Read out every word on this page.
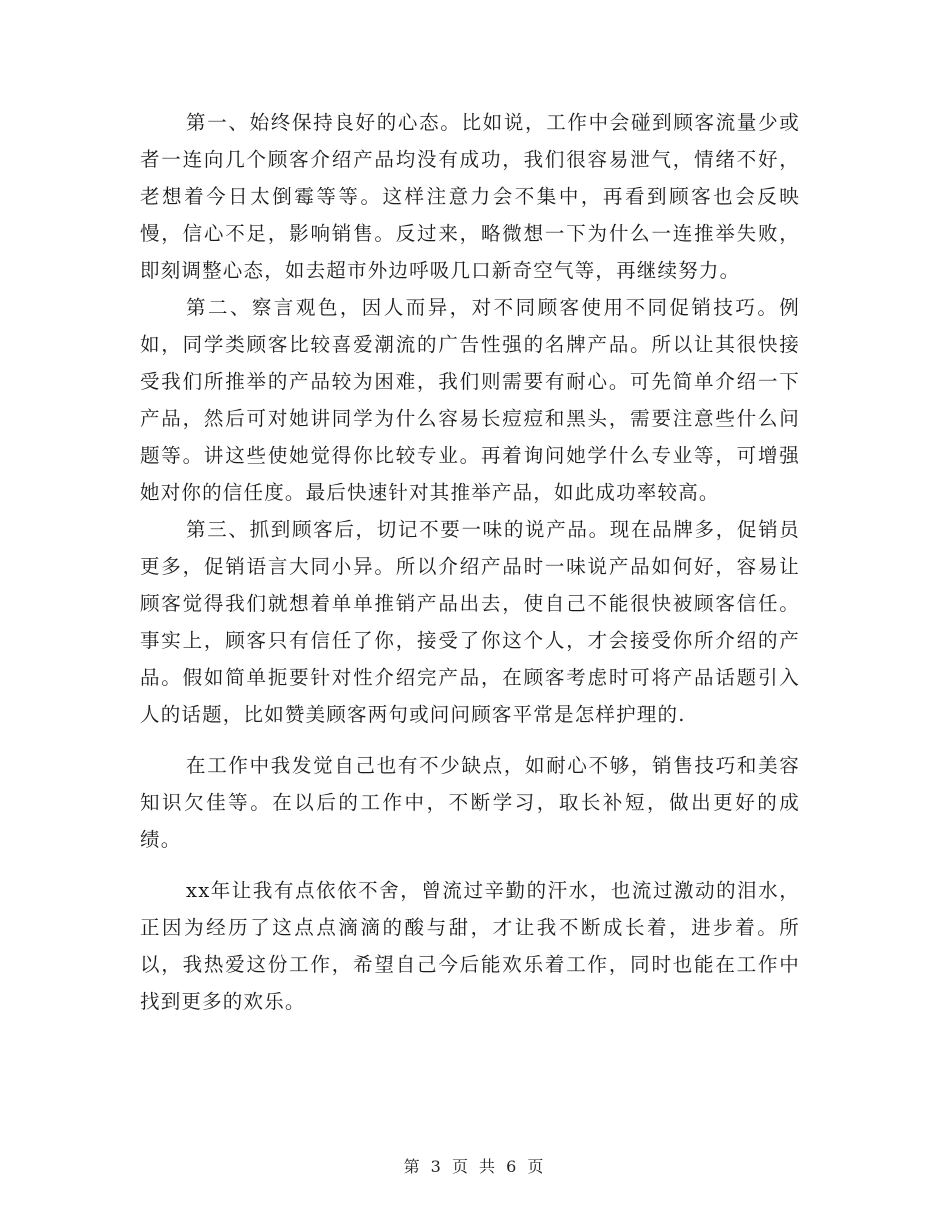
第一、始终保持良好的心态。比如说，工作中会碰到顾客流量少或者一连向几个顾客介绍产品均没有成功，我们很容易泄气，情绪不好，老想着今日太倒霉等等。这样注意力会不集中，再看到顾客也会反映慢，信心不足，影响销售。反过来，略微想一下为什么一连推举失败，即刻调整心态，如去超市外边呼吸几口新奇空气等，再继续努力。

第二、察言观色，因人而异，对不同顾客使用不同促销技巧。例如，同学类顾客比较喜爱潮流的广告性强的名牌产品。所以让其很快接受我们所推举的产品较为困难，我们则需要有耐心。可先简单介绍一下产品，然后可对她讲同学为什么容易长痘痘和黑头，需要注意些什么问题等。讲这些使她觉得你比较专业。再着询问她学什么专业等，可增强她对你的信任度。最后快速针对其推举产品，如此成功率较高。

第三、抓到顾客后，切记不要一味的说产品。现在品牌多，促销员更多，促销语言大同小异。所以介绍产品时一味说产品如何好，容易让顾客觉得我们就想着单单推销产品出去，使自己不能很快被顾客信任。事实上，顾客只有信任了你，接受了你这个人，才会接受你所介绍的产品。假如简单扼要针对性介绍完产品，在顾客考虑时可将产品话题引入人的话题，比如赞美顾客两句或问问顾客平常是怎样护理的.

在工作中我发觉自己也有不少缺点，如耐心不够，销售技巧和美容知识欠佳等。在以后的工作中，不断学习，取长补短，做出更好的成绩。

xx年让我有点依依不舍，曾流过辛勤的汗水，也流过激动的泪水，正因为经历了这点点滴滴的酸与甜，才让我不断成长着，进步着。所以，我热爱这份工作，希望自己今后能欢乐着工作，同时也能在工作中找到更多的欢乐。

第 3 页 共 6 页
